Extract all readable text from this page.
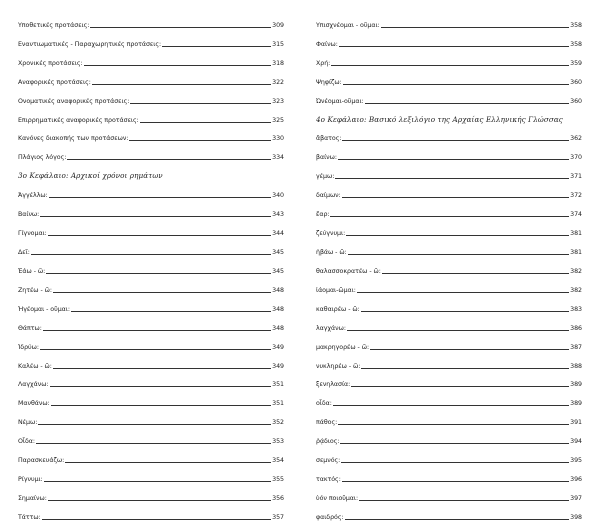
Υποθετικές προτάσεις:	309
Εναντιωματικές - Παραχωρητικές προτάσεις:	315
Χρονικές προτάσεις:	318
Αναφορικές προτάσεις:	322
Ονοματικές αναφορικές προτάσεις:	323
Επιρρηματικές αναφορικές προτάσεις:	325
Κανόνες διακοπής των προτάσεων:	330
Πλάγιος λόγος:	334
3ο Κεφάλαιο: Αρχικοί χρόνοι ρημάτων
Άγγέλλω:	340
Βαίνω:	343
Γίγνομαι:	344
Δεῖ:	345
Ἐάω - ῶ:	345
Ζητέω - ῶ:	348
Ἡγέομαι - οῦμαι:	348
Θάπτω:	348
Ἱδρύω:	349
Καλέω - ῶ:	349
Λαγχάνω:	351
Μανθάνω:	351
Νέμω:	352
Οἶδα:	353
Παρασκευάζω:	354
Ρίγνυμι:	355
Σημαίνω:	356
Τάττω:	357
Υπισχνέομαι - οῦμαι:	358
Φαίνω:	358
Χρή:	359
Ψηφίζω:	360
Ὠνέομαι-οῦμαι:	360
4ο Κεφάλαιο: Βασικό λεξιλόγιο της Αρχαίας Ελληνικής Γλώσσας
ἄβατος:	362
βαίνω:	370
γέμω:	371
δαίμων:	372
ἔαρ:	374
ζεύγνυμι:	381
ἡβάω - ῶ:	381
θαλασσοκρατέω - ῶ:	382
ἰάομαι-ῶμαι:	382
καθαιρέω - ῶ:	383
λαγχάνω:	386
μακρηγορέω - ῶ:	387
νυκληρέω - ῶ:	388
ξενηλασία:	389
οἶδα:	389
πάθος:	391
ῥᾴδιος:	394
σεμνός:	395
τακτός:	396
ὑόν ποιοῦμαι:	397
φαιδρός:	398
